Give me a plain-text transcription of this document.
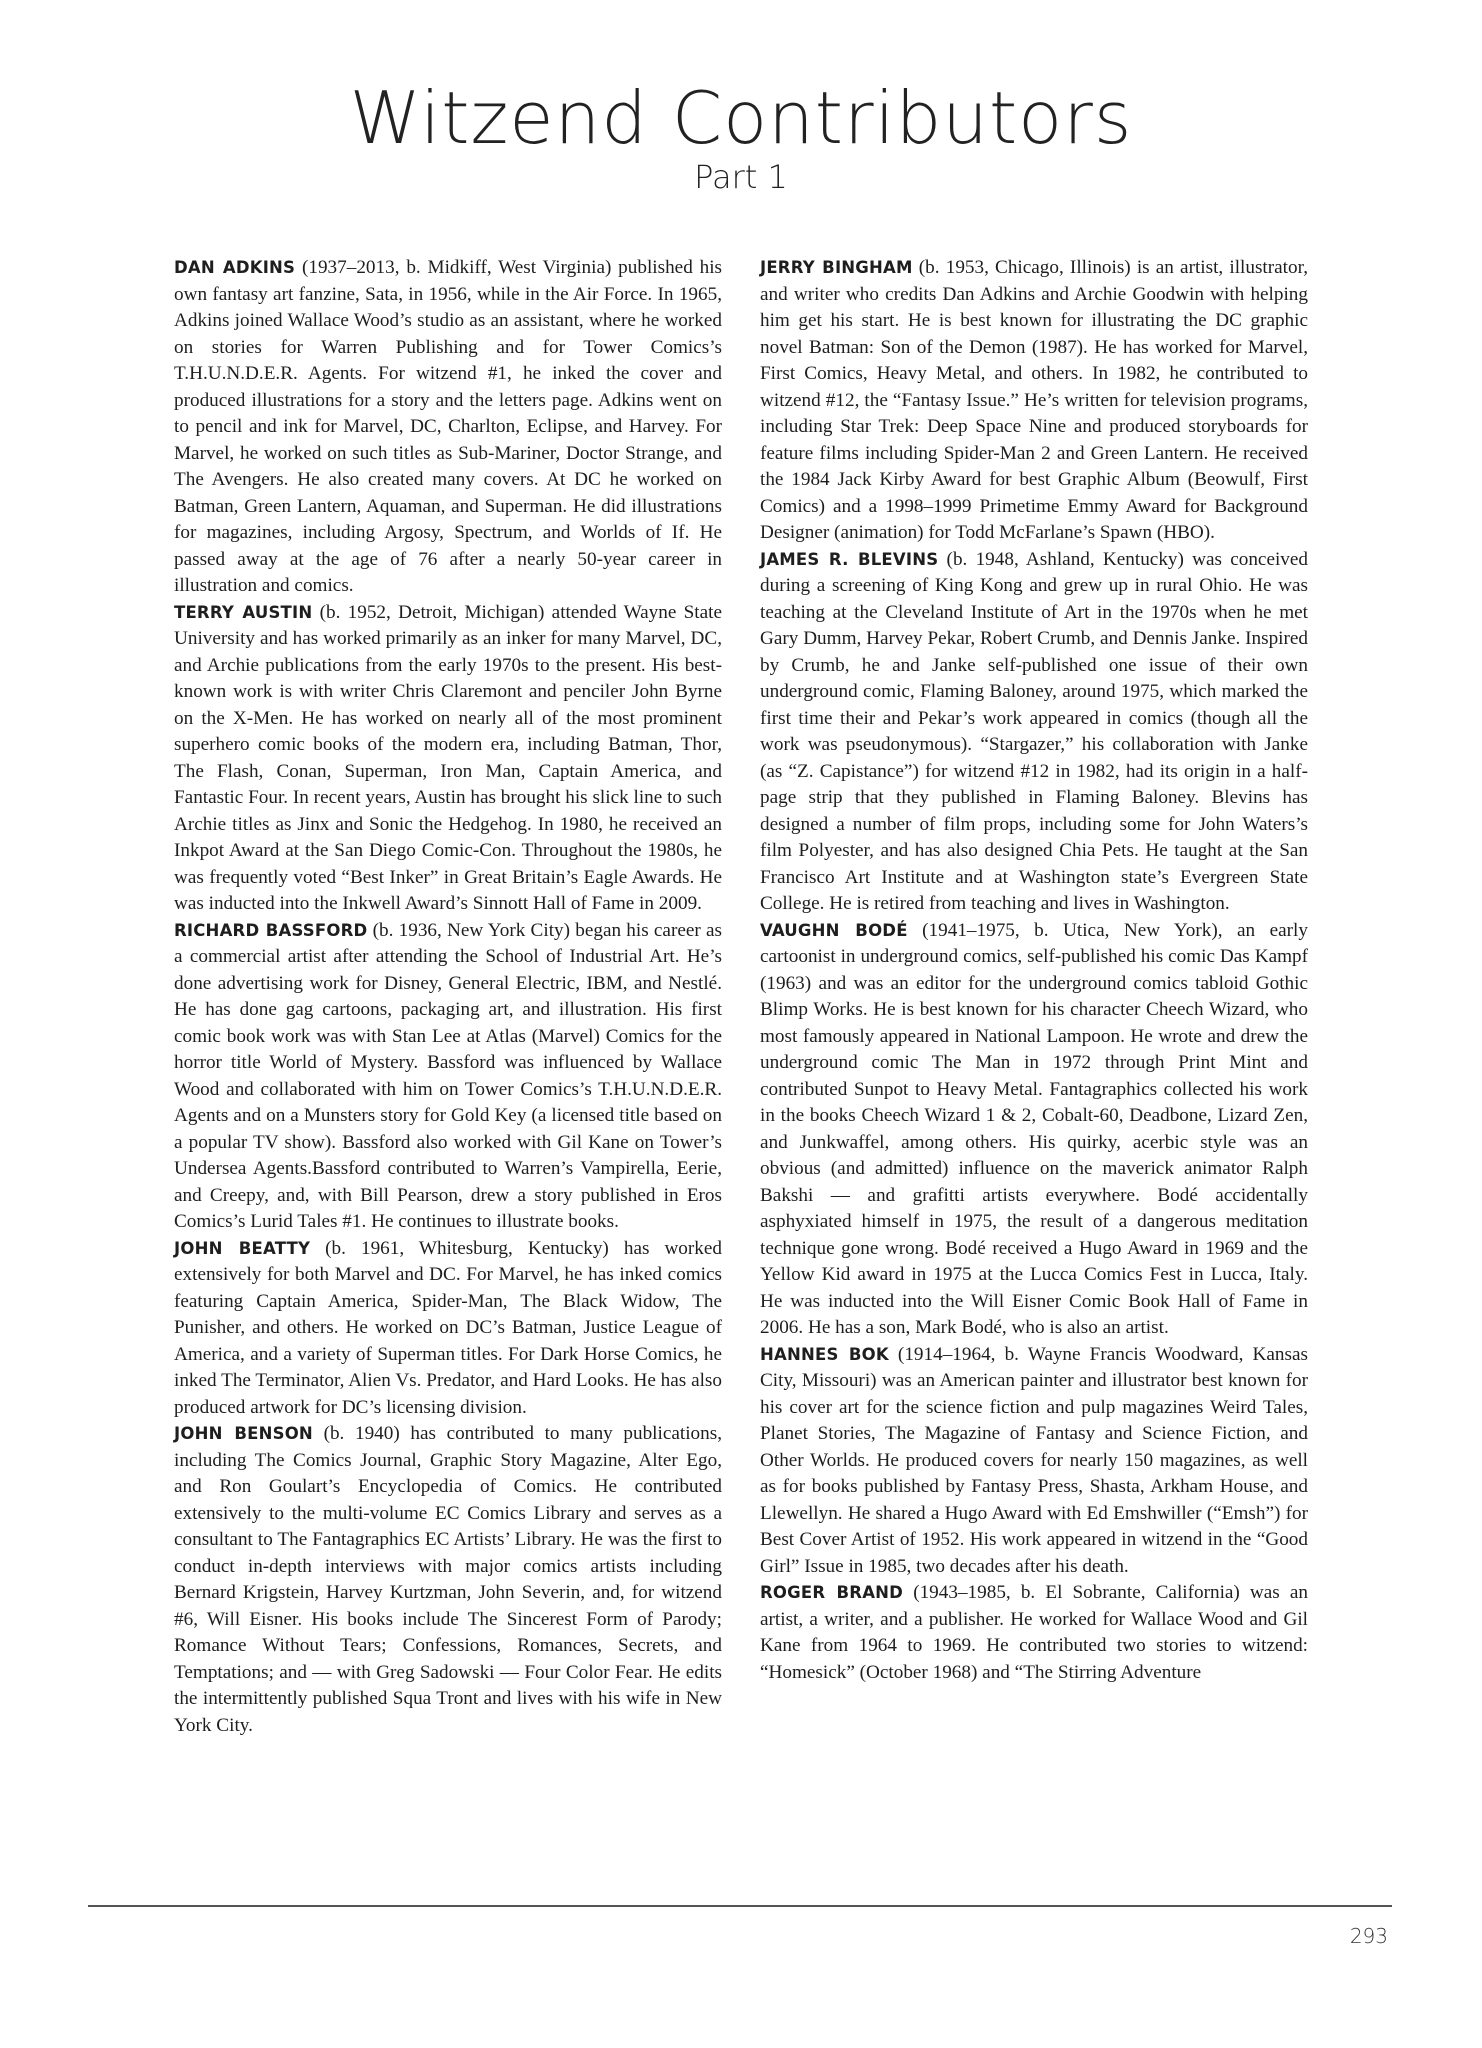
Witzend Contributors
Part 1

DAN ADKINS (1937–2013, b. Midkiff, West Virginia) published his own fantasy art fanzine, Sata, in 1956, while in the Air Force. In 1965, Adkins joined Wallace Wood’s studio as an assistant, where he worked on stories for Warren Publishing and for Tower Comics’s T.H.U.N.D.E.R. Agents. For witzend #1, he inked the cover and produced illustrations for a story and the letters page. Adkins went on to pencil and ink for Marvel, DC, Charlton, Eclipse, and Harvey. For Marvel, he worked on such titles as Sub-Mariner, Doctor Strange, and The Avengers. He also created many covers. At DC he worked on Batman, Green Lantern, Aquaman, and Superman. He did illustrations for magazines, including Argosy, Spectrum, and Worlds of If. He passed away at the age of 76 after a nearly 50-year career in illustration and comics.

TERRY AUSTIN (b. 1952, Detroit, Michigan) attended Wayne State University and has worked primarily as an inker for many Marvel, DC, and Archie publications from the early 1970s to the present. His best-known work is with writer Chris Claremont and penciler John Byrne on the X-Men. He has worked on nearly all of the most prominent superhero comic books of the modern era, including Batman, Thor, The Flash, Conan, Superman, Iron Man, Captain America, and Fantastic Four. In recent years, Austin has brought his slick line to such Archie titles as Jinx and Sonic the Hedgehog. In 1980, he received an Inkpot Award at the San Diego Comic-Con. Throughout the 1980s, he was frequently voted “Best Inker” in Great Britain’s Eagle Awards. He was inducted into the Inkwell Award’s Sinnott Hall of Fame in 2009.

RICHARD BASSFORD (b. 1936, New York City) began his career as a commercial artist after attending the School of Industrial Art. He’s done advertising work for Disney, General Electric, IBM, and Nestlé. He has done gag cartoons, packaging art, and illustration. His first comic book work was with Stan Lee at Atlas (Marvel) Comics for the horror title World of Mystery. Bassford was influenced by Wallace Wood and collaborated with him on Tower Comics’s T.H.U.N.D.E.R. Agents and on a Munsters story for Gold Key (a licensed title based on a popular TV show). Bassford also worked with Gil Kane on Tower’s Undersea Agents.Bassford contributed to Warren’s Vampirella, Eerie, and Creepy, and, with Bill Pearson, drew a story published in Eros Comics’s Lurid Tales #1. He continues to illustrate books.

JOHN BEATTY (b. 1961, Whitesburg, Kentucky) has worked extensively for both Marvel and DC. For Marvel, he has inked comics featuring Captain America, Spider-Man, The Black Widow, The Punisher, and others. He worked on DC’s Batman, Justice League of America, and a variety of Superman titles. For Dark Horse Comics, he inked The Terminator, Alien Vs. Predator, and Hard Looks. He has also produced artwork for DC’s licensing division.

JOHN BENSON (b. 1940) has contributed to many publications, including The Comics Journal, Graphic Story Magazine, Alter Ego, and Ron Goulart’s Encyclopedia of Comics. He contributed extensively to the multi-volume EC Comics Library and serves as a consultant to The Fantagraphics EC Artists’ Library. He was the first to conduct in-depth interviews with major comics artists including Bernard Krigstein, Harvey Kurtzman, John Severin, and, for witzend #6, Will Eisner. His books include The Sincerest Form of Parody; Romance Without Tears; Confessions, Romances, Secrets, and Temptations; and — with Greg Sadowski — Four Color Fear. He edits the intermittently published Squa Tront and lives with his wife in New York City.

JERRY BINGHAM (b. 1953, Chicago, Illinois) is an artist, illustrator, and writer who credits Dan Adkins and Archie Goodwin with helping him get his start. He is best known for illustrating the DC graphic novel Batman: Son of the Demon (1987). He has worked for Marvel, First Comics, Heavy Metal, and others. In 1982, he contributed to witzend #12, the “Fantasy Issue.” He’s written for television programs, including Star Trek: Deep Space Nine and produced storyboards for feature films including Spider-Man 2 and Green Lantern. He received the 1984 Jack Kirby Award for best Graphic Album (Beowulf, First Comics) and a 1998–1999 Primetime Emmy Award for Background Designer (animation) for Todd McFarlane’s Spawn (HBO).

JAMES R. BLEVINS (b. 1948, Ashland, Kentucky) was conceived during a screening of King Kong and grew up in rural Ohio. He was teaching at the Cleveland Institute of Art in the 1970s when he met Gary Dumm, Harvey Pekar, Robert Crumb, and Dennis Janke. Inspired by Crumb, he and Janke self-published one issue of their own underground comic, Flaming Baloney, around 1975, which marked the first time their and Pekar’s work appeared in comics (though all the work was pseudonymous). “Stargazer,” his collaboration with Janke (as “Z. Capistance”) for witzend #12 in 1982, had its origin in a half-page strip that they published in Flaming Baloney. Blevins has designed a number of film props, including some for John Waters’s film Polyester, and has also designed Chia Pets. He taught at the San Francisco Art Institute and at Washington state’s Evergreen State College. He is retired from teaching and lives in Washington.

VAUGHN BODÉ (1941–1975, b. Utica, New York), an early cartoonist in underground comics, self-published his comic Das Kampf (1963) and was an editor for the underground comics tabloid Gothic Blimp Works. He is best known for his character Cheech Wizard, who most famously appeared in National Lampoon. He wrote and drew the underground comic The Man in 1972 through Print Mint and contributed Sunpot to Heavy Metal. Fantagraphics collected his work in the books Cheech Wizard 1 & 2, Cobalt-60, Deadbone, Lizard Zen, and Junkwaffel, among others. His quirky, acerbic style was an obvious (and admitted) influence on the maverick animator Ralph Bakshi — and grafitti artists everywhere. Bodé accidentally asphyxiated himself in 1975, the result of a dangerous meditation technique gone wrong. Bodé received a Hugo Award in 1969 and the Yellow Kid award in 1975 at the Lucca Comics Fest in Lucca, Italy. He was inducted into the Will Eisner Comic Book Hall of Fame in 2006. He has a son, Mark Bodé, who is also an artist.

HANNES BOK (1914–1964, b. Wayne Francis Woodward, Kansas City, Missouri) was an American painter and illustrator best known for his cover art for the science fiction and pulp magazines Weird Tales, Planet Stories, The Magazine of Fantasy and Science Fiction, and Other Worlds. He produced covers for nearly 150 magazines, as well as for books published by Fantasy Press, Shasta, Arkham House, and Llewellyn. He shared a Hugo Award with Ed Emshwiller (“Emsh”) for Best Cover Artist of 1952. His work appeared in witzend in the “Good Girl” Issue in 1985, two decades after his death.

ROGER BRAND (1943–1985, b. El Sobrante, California) was an artist, a writer, and a publisher. He worked for Wallace Wood and Gil Kane from 1964 to 1969. He contributed two stories to witzend: “Homesick” (October 1968) and “The Stirring Adventure

293
